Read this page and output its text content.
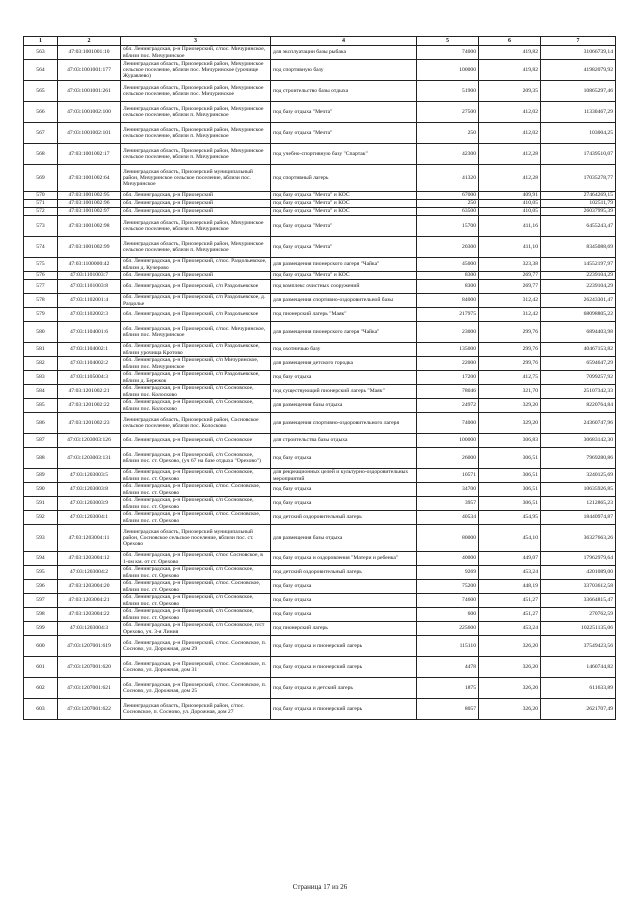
1	2	3	4	5	6	7
563	47:03:1001001:10	обл. Ленинградская, р-н Приозерский, с/пос. Мичуринское, вблизи пос. Мичуринское	для эксплуатации базы рыбака	74000	419,82	31066739,14
564	47:03:1001001:177	Ленинградская область, Приозерский район, Мичуринское сельское поселение, вблизи пос. Мичуринское (урочище Журавлево)	под спортивную базу	100000	419,82	41982079,92
565	47:03:1001001:261	Ленинградская область, Приозерский район, Мичуринское сельское поселение, вблизи пос. Мичуринское	под строительство базы отдыха	51900	209,35	10865297,46
566	47:03:1001002:100	Ленинградская область, Приозерский район, Мичуринское сельское поселение, вблизи п. Мичуринское	под базу отдыха "Мечта"	27500	412,02	11330467,29
567	47:03:1001002:101	Ленинградская область, Приозерский район, Мичуринское сельское поселение, вблизи п. Мичуринское	под базу отдыха "Мечта"	250	412,02	103004,25
568	47:03:1001002:17	Ленинградская область, Приозерский район, Мичуринское сельское поселение, вблизи п. Мичуринское	под учебно-спортивную базу "Спартак"	42300	412,28	17439510,07
569	47:03:1001002:64	Ленинградская область, Приозерский муниципальный район, Мичуринское сельское поселение, вблизи пос. Мичуринское	под спортивный лагерь	41320	412,28	17035278,77
570	47:03:1001002:95	обл. Ленинградская, р-н Приозерский	под базу отдыха "Мечта" и КОС	67000	409,91	27464269,15
571	47:03:1001002:96	обл. Ленинградская, р-н Приозерский	под базу отдыха "Мечта" и КОС	250	410,05	102511,79
572	47:03:1001002:97	обл. Ленинградская, р-н Приозерский	под базу отдыха "Мечта" и КОС	63500	410,05	26037995,39
573	47:03:1001002:98	Ленинградская область, Приозерский район, Мичуринское сельское поселение, вблизи п. Мичуринское	под базу отдыха "Мечта"	15700	411,16	6455243,47
574	47:03:1001002:99	Ленинградская область, Приозерский район, Мичуринское сельское поселение, вблизи п. Мичуринское	под базу отдыха "Мечта"	20300	411,10	8345088,69
575	47:03:1100000:42	обл. Ленинградская, р-н Приозерский, с/пос. Раздольевское, вблизи д. Кучерово	для размещения пионерского лагеря "Чайка"	45000	323,38	14552197,97
576	47:03:1101003:7	обл. Ленинградская, р-н Приозерский	под базу отдыха "Мечта" и КОС	8300	269,77	2239104,29
577	47:03:1101003:8	обл. Ленинградская, р-н Приозерский, с/п Раздольевское	под комплекс очистных сооружений	8300	269,77	2239104,29
578	47:03:1102001:4	обл. Ленинградская, р-н Приозерский, с/п Раздольевское, д. Раздолье	для размещения спортивно-оздоровительной базы	84000	312,42	26243301,47
579	47:03:1102002:3	обл. Ленинградская, р-н Приозерский, с/п Раздольевское	под пионерский лагерь "Маяк"	217975	312,42	68098805,22
580	47:03:1104001:6	обл. Ленинградская, р-н Приозерский, с/пос. Мичуринское, вблизи пос. Мичуринское	для размещения пионерского лагеря "Чайка"	23000	299,76	6894403,98
581	47:03:1104002:1	обл. Ленинградская, р-н Приозерский, с/п Раздольевское, вблизи урочища Кротово	под охотничью базу	135000	299,76	40467153,82
582	47:03:1104002:2	обл. Ленинградская, р-н Приозерский, с/п Мичуринское, вблизи пос. Мичуринское	для размещения детского городка	22000	299,76	6594647,29
583	47:03:1105004:3	обл. Ленинградская, р-н Приозерский, с/п Раздольевское, вблизи д. Бережок	под базу отдыха	17200	412,75	7099257,92
584	47:03:1201002:21	обл. Ленинградская, р-н Приозерский, с/п Сосновское, вблизи пос. Колосково	под существующий пионерский лагерь "Маяк"	78046	321,70	25107342,33
585	47:03:1201002:22	обл. Ленинградская, р-н Приозерский, с/п Сосновское, вблизи пос. Колосково	для размещения базы отдыха	24972	329,20	8220764,84
586	47:03:1201002:23	Ленинградская область, Приозерский район, Сосновское сельское поселение, вблизи пос. Колосково	для размещения спортивно-оздоровительного лагеря	74000	329,20	24360747,96
587	47:03:1203003:126	обл. Ленинградская, р-н Приозерский, с/п Сосновское	для строительства базы отдыха	100000	306,83	30683142,30
588	47:03:1203003:131	обл. Ленинградская, р-н Приозерский, с/п Сосновское, вблизи пос. ст. Орехово, (уч 67 на базе отдыха "Орехово")	под базу отдыха	26000	306,51	7969280,86
589	47:03:1203003:5	обл. Ленинградская, р-н Приозерский, с/п Сосновское, вблизи пос. ст. Орехово	для рекреационных целей и культурно-оздоровительных мероприятий	10571	306,51	3240125,69
590	47:03:1203003:8	обл. Ленинградская, р-н Приозерский, с/пос. Сосновское, вблизи пос. ст. Орехово	под базу отдыха	34700	306,51	10635926,85
591	47:03:1203003:9	обл. Ленинградская, р-н Приозерский, с/п Сосновское, вблизи пос. ст. Орехово	под базу отдыха	3957	306,51	1212865,23
592	47:03:1203004:1	обл. Ленинградская, р-н Приозерский, с/пос. Сосновское, вблизи пос. ст. Орехово	под детский оздоровительный лагерь	40534	454,95	18440974,87
593	47:03:1203004:11	Ленинградская область, Приозерский муниципальный район, Сосновское сельское поселение, вблизи пос. ст. Орехово	для размещения базы отдыха	80000	454,10	36327663,26
594	47:03:1203004:12	обл. Ленинградская, р-н Приозерский, с/пос Сосновское, в 1-ом км. от ст. Орехово	под базу отдыха и оздоровления "Матери и ребенка"	40000	449,07	17962979,64
595	47:03:1203004:2	обл. Ленинградская, р-н Приозерский, с/п Сосновское, вблизи пос. ст. Орехово	под детский оздоровительный лагерь	9269	453,24	4201089,00
596	47:03:1203004:20	обл. Ленинградская, р-н Приозерский, с/пос. Сосновское, вблизи пос. ст. Орехово	под базу отдыха	75200	448,19	33703612,58
597	47:03:1203004:21	обл. Ленинградская, р-н Приозерский, с/п Сосновское, вблизи пос. ст. Орехово	под базу отдыха	74600	451,27	33664815,47
598	47:03:1203004:22	обл. Ленинградская, р-н Приозерский, с/п Сосновское, вблизи пос. ст. Орехово	под базу отдыха	600	451,27	270762,59
599	47:03:1203004:3	обл. Ленинградская, р-н Приозерский, с/п Сосновское, п/ст Орехово, уч. 3-я Линия	под пионерский лагерь	225600	453,24	102251135,06
600	47:03:1207001:619	обл. Ленинградская, р-н Приозерский, с/пос. Сосновское, п. Сосново, ул. Дорожная, дом 29	под базу отдыха и пионерский лагерь	115110	326,20	37549423,56
601	47:03:1207001:620	обл. Ленинградская, р-н Приозерский, с/пос. Сосновское, п. Сосново, ул. Дорожная, дом 31	под базу отдыха и пионерский лагерь	4478	326,20	1460744,82
602	47:03:1207001:621	обл. Ленинградская, р-н Приозерский, с/пос. Сосновское, п. Сосново, ул. Дорожная, дом 25	под базу отдыха и детский лагерь	1875	326,20	611633,89
603	47:03:1207001:622	Ленинградская область, Приозерский район, с/пос. Сосновское, п. Сосново, ул. Дорожная, дом 27	под базу отдыха и пионерский лагерь	8057	326,20	2621707,49
Страница 17 из 26
